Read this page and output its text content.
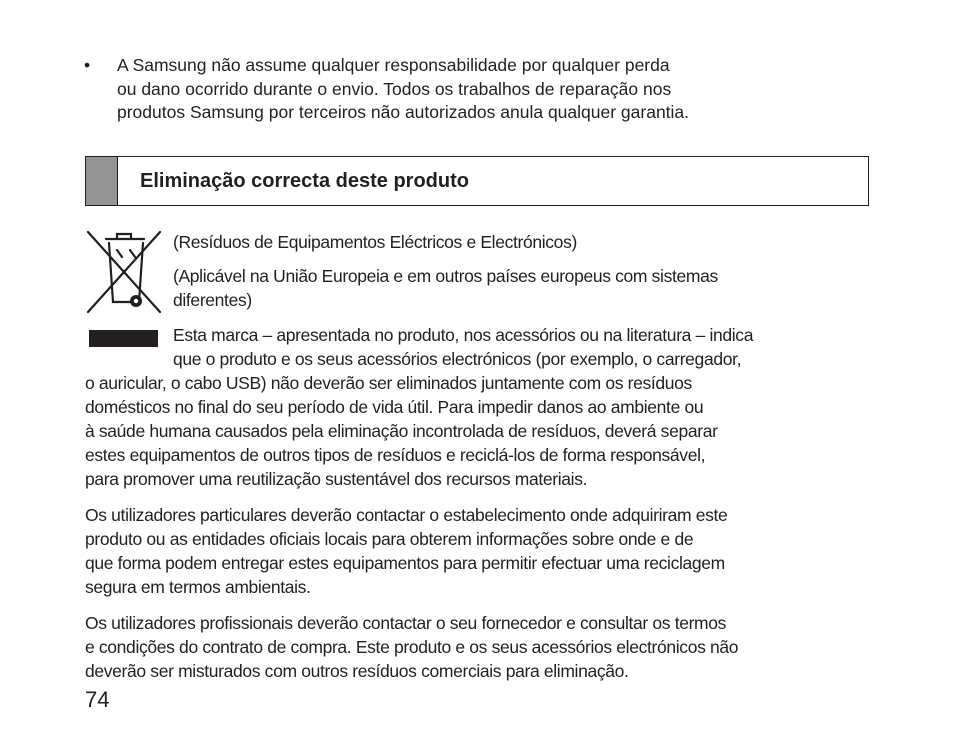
• A Samsung não assume qualquer responsabilidade por qualquer perda
ou dano ocorrido durante o envio. Todos os trabalhos de reparação nos
produtos Samsung por terceiros não autorizados anula qualquer garantia.
Eliminação correcta deste produto
(Resíduos de Equipamentos Eléctricos e Electrónicos)
(Aplicável na União Europeia e em outros países europeus com sistemas
diferentes)
Esta marca – apresentada no produto, nos acessórios ou na literatura – indica
que o produto e os seus acessórios electrónicos (por exemplo, o carregador,
o auricular, o cabo USB) não deverão ser eliminados juntamente com os resíduos
domésticos no final do seu período de vida útil. Para impedir danos ao ambiente ou
à saúde humana causados pela eliminação incontrolada de resíduos, deverá separar
estes equipamentos de outros tipos de resíduos e reciclá-los de forma responsável,
para promover uma reutilização sustentável dos recursos materiais.
Os utilizadores particulares deverão contactar o estabelecimento onde adquiriram este
produto ou as entidades oficiais locais para obterem informações sobre onde e de
que forma podem entregar estes equipamentos para permitir efectuar uma reciclagem
segura em termos ambientais.
Os utilizadores profissionais deverão contactar o seu fornecedor e consultar os termos
e condições do contrato de compra. Este produto e os seus acessórios electrónicos não
deverão ser misturados com outros resíduos comerciais para eliminação.
74
